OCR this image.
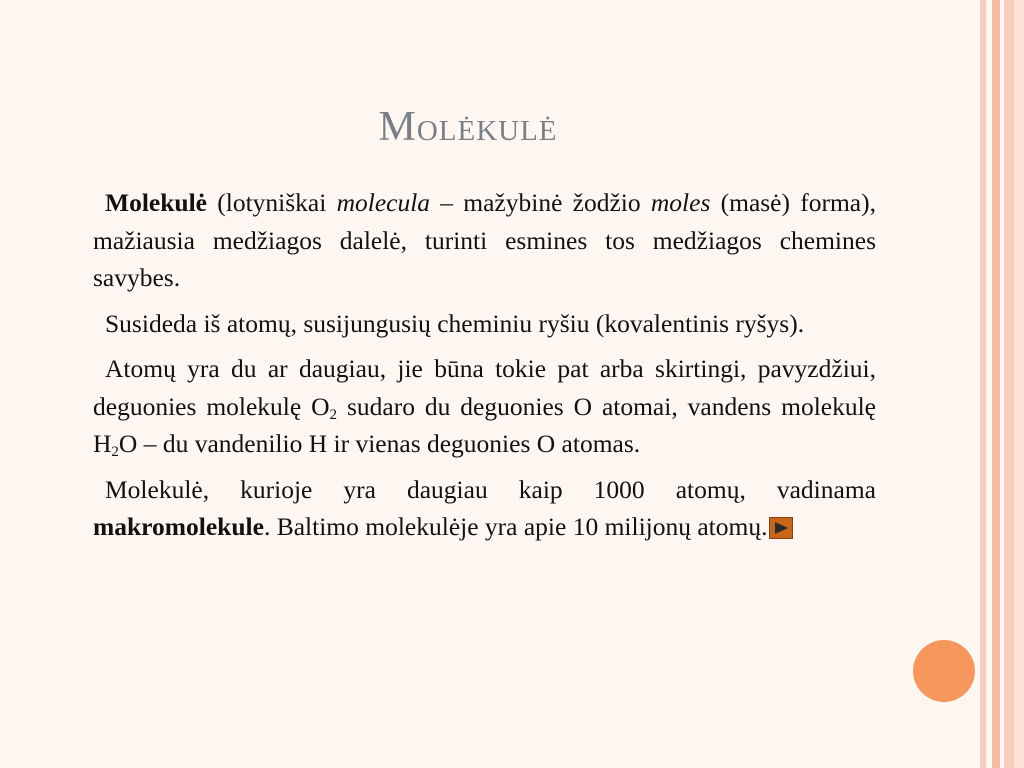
Molėkulė

Molekulė (lotyniškai molecula – mažybinė žodžio moles (masė) forma), mažiausia medžiagos dalelė, turinti esmines tos medžiagos chemines savybes.

Susideda iš atomų, susijungusių cheminiu ryšiu (kovalentinis ryšys).

Atomų yra du ar daugiau, jie būna tokie pat arba skirtingi, pavyzdžiui, deguonies molekulę $O_2$ sudaro du deguonies O atomai, vandens molekulę $H_2O$ – du vandenilio H ir vienas deguonies O atomas.

Molekulė, kurioje yra daugiau kaip 1000 atomų, vadinama makromolekule. Baltimo molekulėje yra apie 10 milijonų atomų.
